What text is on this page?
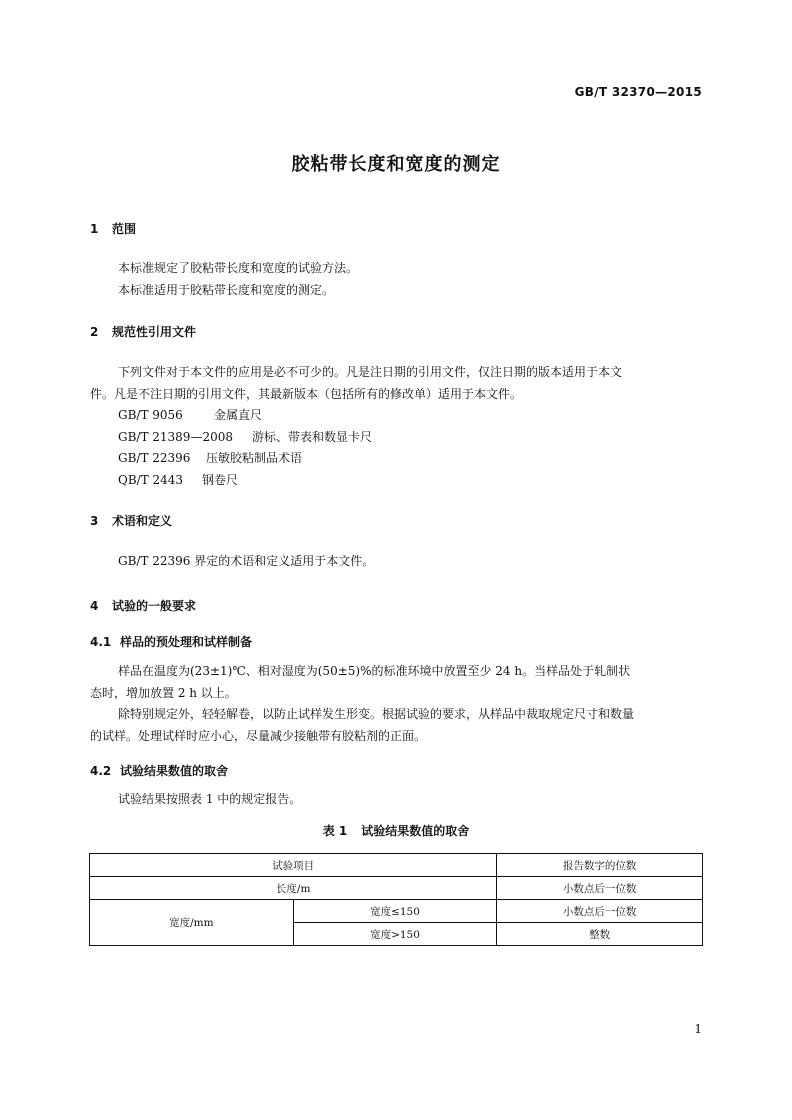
GB/T 32370—2015
胶粘带长度和宽度的测定
1 范围
本标准规定了胶粘带长度和宽度的试验方法。
本标准适用于胶粘带长度和宽度的测定。
2 规范性引用文件
下列文件对于本文件的应用是必不可少的。凡是注日期的引用文件，仅注日期的版本适用于本文
件。凡是不注日期的引用文件，其最新版本（包括所有的修改单）适用于本文件。
GB/T 9056	金属直尺
GB/T 21389—2008 游标、带表和数显卡尺
GB/T 22396 压敏胶粘制品术语
QB/T 2443 钢卷尺
3 术语和定义
GB/T 22396 界定的术语和定义适用于本文件。
4 试验的一般要求
4.1 样品的预处理和试样制备
样品在温度为(23±1)℃、相对湿度为(50±5)%的标准环境中放置至少 24 h。当样品处于轧制状
态时，增加放置 2 h 以上。
除特别规定外，轻轻解卷，以防止试样发生形变。根据试验的要求，从样品中裁取规定尺寸和数量
的试样。处理试样时应小心，尽量减少接触带有胶粘剂的正面。
4.2 试验结果数值的取舍
试验结果按照表 1 中的规定报告。
表 1 试验结果数值的取舍
试验项目		报告数字的位数
长度/m		小数点后一位数
宽度/mm	宽度≤150	小数点后一位数
	宽度>150	整数
1
